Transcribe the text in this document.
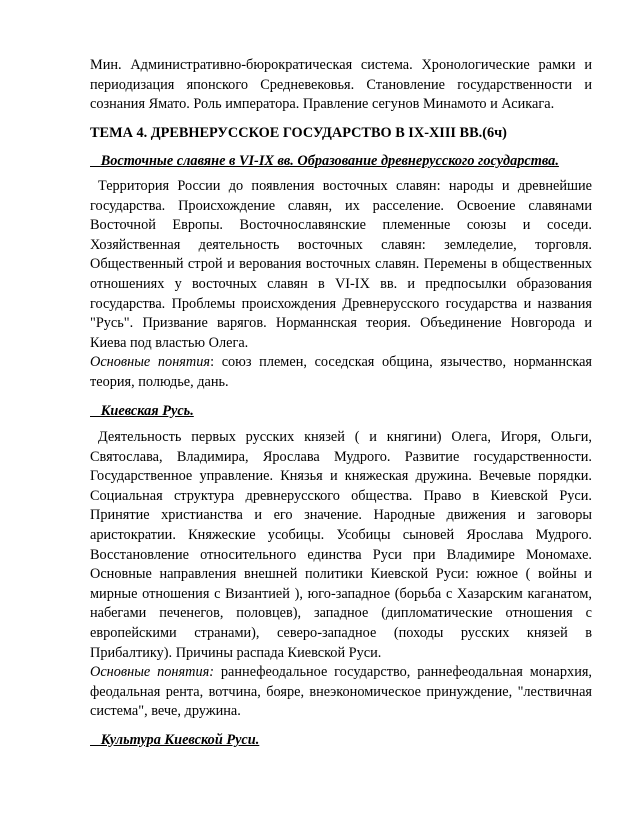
Мин. Административно-бюрократическая система. Хронологические рамки и периодизация японского Средневековья. Становление государственности и сознания Ямато. Роль императора. Правление сегунов Минамото и Асикага.

ТЕМА 4. ДРЕВНЕРУССКОЕ ГОСУДАРСТВО В IX-XIII ВВ.(6ч)

Восточные славяне в VI-IX вв. Образование древнерусского государства.

Территория России до появления восточных славян: народы и древнейшие государства. Происхождение славян, их расселение. Освоение славянами Восточной Европы. Восточнославянские племенные союзы и соседи. Хозяйственная деятельность восточных славян: земледелие, торговля. Общественный строй и верования восточных славян. Перемены в общественных отношениях у восточных славян в VI-IX вв. и предпосылки образования государства. Проблемы происхождения Древнерусского государства и названия "Русь". Призвание варягов. Норманнская теория. Объединение Новгорода и Киева под властью Олега.

Основные понятия: союз племен, соседская община, язычество, норманнская теория, полюдье, дань.

Киевская Русь.

Деятельность первых русских князей ( и княгини) Олега, Игоря, Ольги, Святослава, Владимира, Ярослава Мудрого. Развитие государственности. Государственное управление. Князья и княжеская дружина. Вечевые порядки. Социальная структура древнерусского общества. Право в Киевской Руси. Принятие христианства и его значение. Народные движения и заговоры аристократии. Княжеские усобицы. Усобицы сыновей Ярослава Мудрого. Восстановление относительного единства Руси при Владимире Мономахе. Основные направления внешней политики Киевской Руси: южное ( войны и мирные отношения с Византией ), юго-западное (борьба с Хазарским каганатом, набегами печенегов, половцев), западное (дипломатические отношения с европейскими странами), северо-западное (походы русских князей в Прибалтику). Причины распада Киевской Руси.

Основные понятия: раннефеодальное государство, раннефеодальная монархия, феодальная рента, вотчина, бояре, внеэкономическое принуждение, "лествичная система", вече, дружина.

Культура Киевской Руси.
